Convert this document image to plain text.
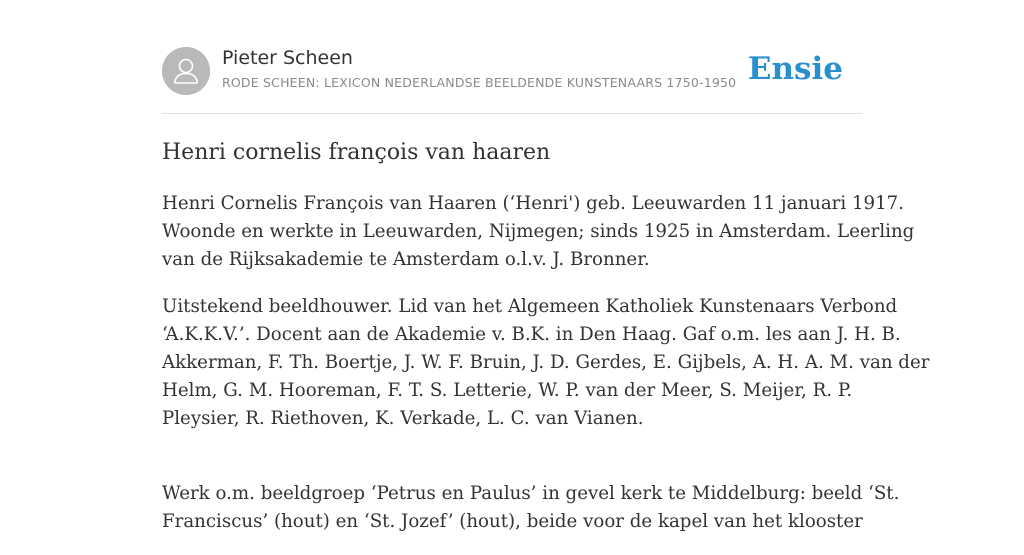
Pieter Scheen
RODE SCHEEN: LEXICON NEDERLANDSE BEELDENDE KUNSTENAARS 1750-1950 Ensie
Henri cornelis françois van haaren

Henri Cornelis François van Haaren (‘Henri') geb. Leeuwarden 11 januari 1917.
Woonde en werkte in Leeuwarden, Nijmegen; sinds 1925 in Amsterdam. Leerling
van de Rijksakademie te Amsterdam o.l.v. J. Bronner.

Uitstekend beeldhouwer. Lid van het Algemeen Katholiek Kunstenaars Verbond
‘A.K.K.V.’. Docent aan de Akademie v. B.K. in Den Haag. Gaf o.m. les aan J. H. B.
Akkerman, F. Th. Boertje, J. W. F. Bruin, J. D. Gerdes, E. Gijbels, A. H. A. M. van der
Helm, G. M. Hooreman, F. T. S. Letterie, W. P. van der Meer, S. Meijer, R. P.
Pleysier, R. Riethoven, K. Verkade, L. C. van Vianen.

Werk o.m. beeldgroep ‘Petrus en Paulus’ in gevel kerk te Middelburg: beeld ‘St.
Franciscus’ (hout) en ‘St. Jozef’ (hout), beide voor de kapel van het klooster
